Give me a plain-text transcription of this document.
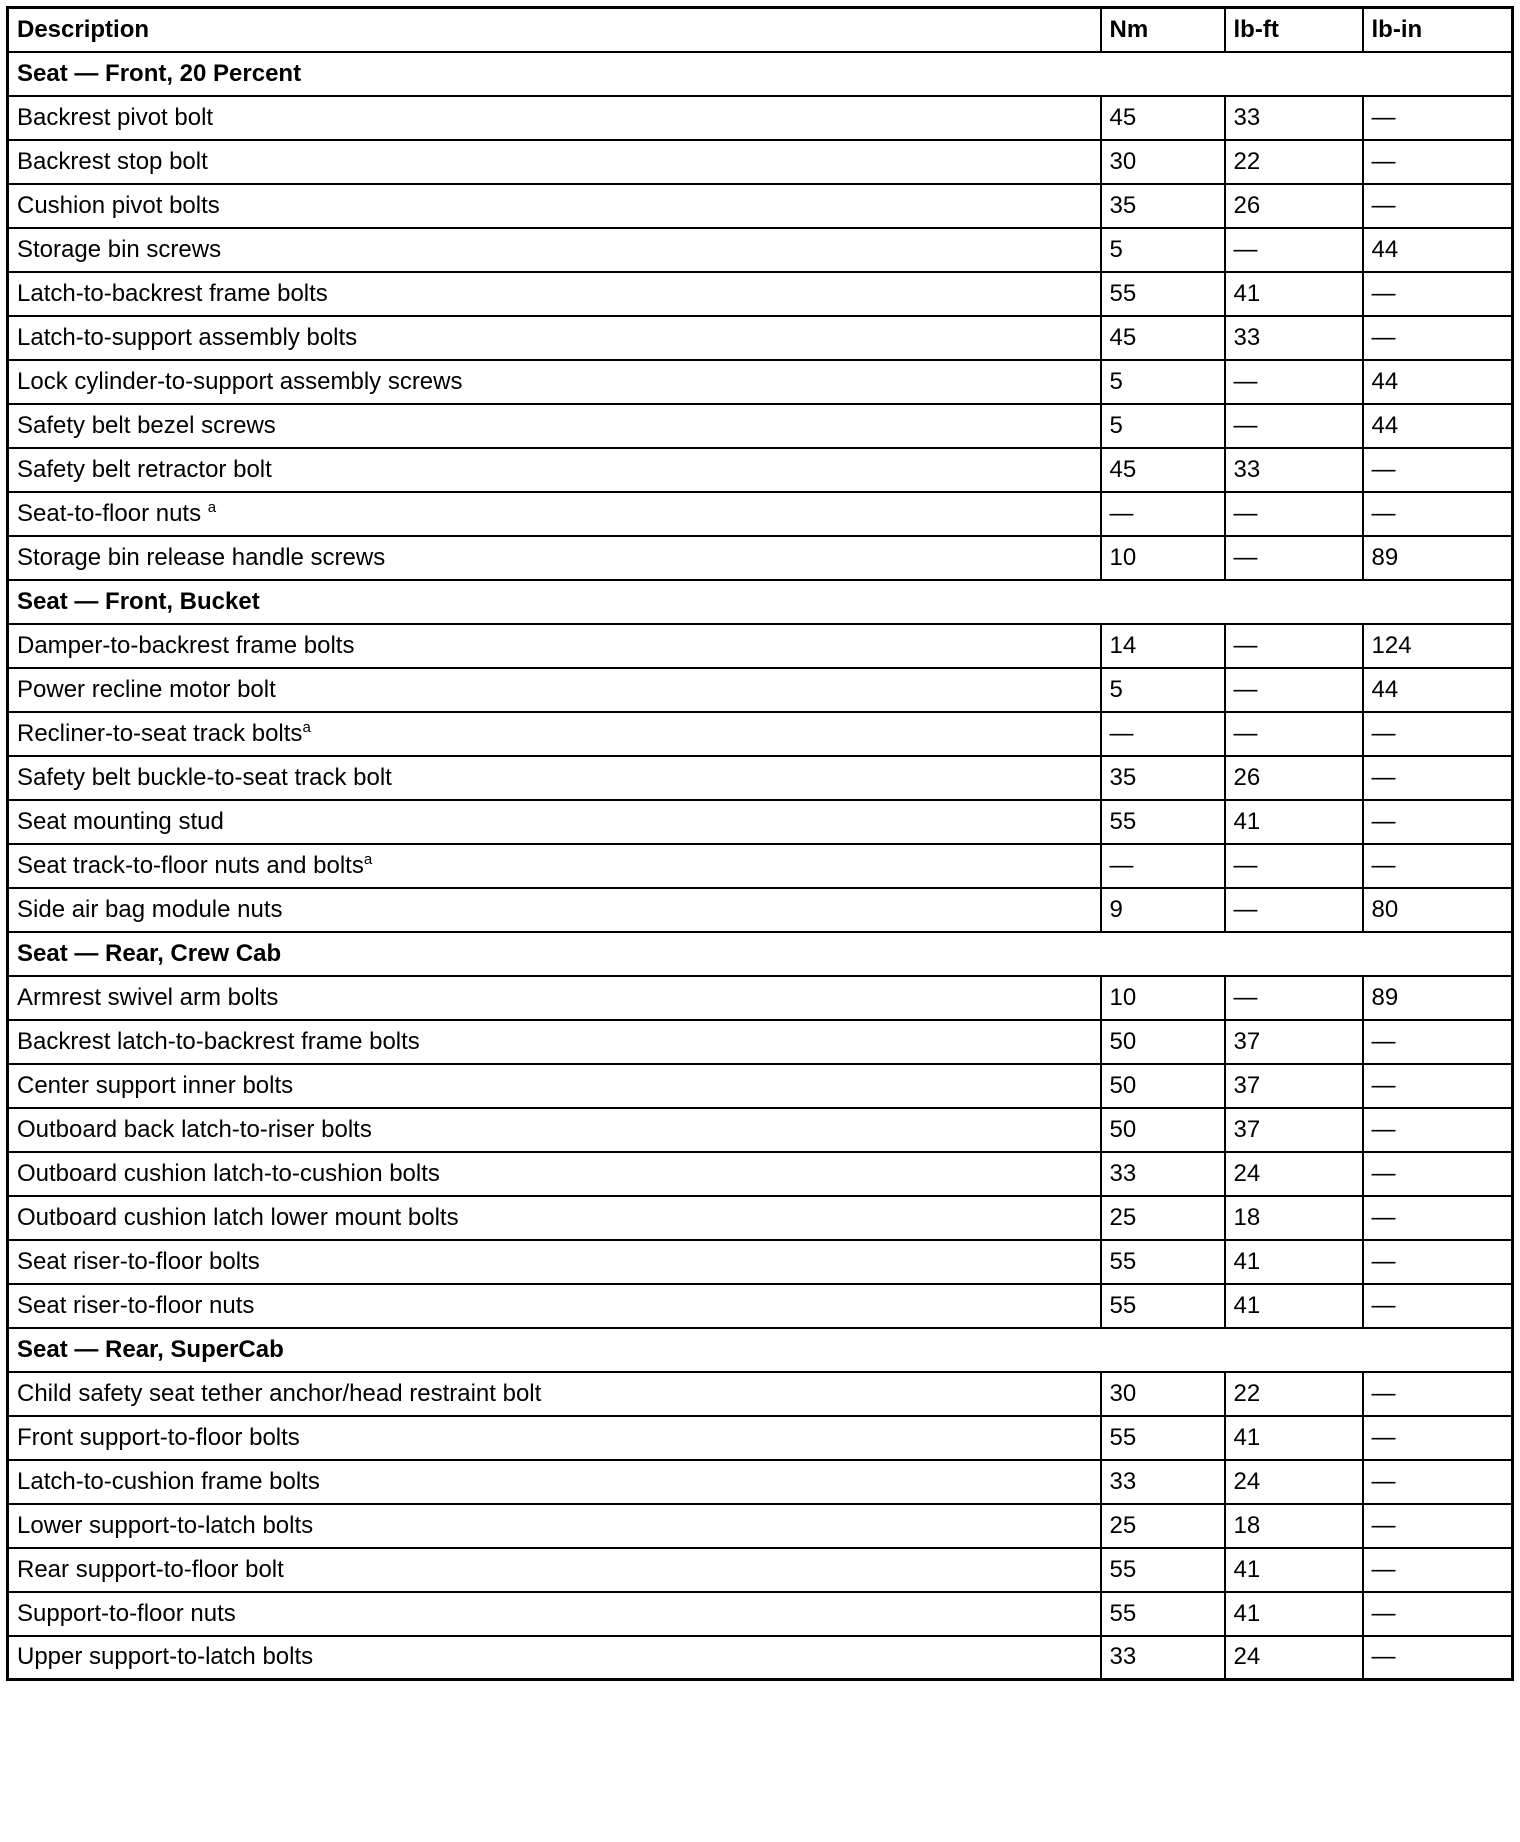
Description	Nm	lb-ft	lb-in
Seat — Front, 20 Percent			
Backrest pivot bolt	45	33	—
Backrest stop bolt	30	22	—
Cushion pivot bolts	35	26	—
Storage bin screws	5	—	44
Latch-to-backrest frame bolts	55	41	—
Latch-to-support assembly bolts	45	33	—
Lock cylinder-to-support assembly screws	5	—	44
Safety belt bezel screws	5	—	44
Safety belt retractor bolt	45	33	—
Seat-to-floor nuts $^a$	—	—	—
Storage bin release handle screws	10	—	89
Seat — Front, Bucket			
Damper-to-backrest frame bolts	14	—	124
Power recline motor bolt	5	—	44
Recliner-to-seat track bolts$^a$	—	—	—
Safety belt buckle-to-seat track bolt	35	26	—
Seat mounting stud	55	41	—
Seat track-to-floor nuts and bolts$^a$	—	—	—
Side air bag module nuts	9	—	80
Seat — Rear, Crew Cab			
Armrest swivel arm bolts	10	—	89
Backrest latch-to-backrest frame bolts	50	37	—
Center support inner bolts	50	37	—
Outboard back latch-to-riser bolts	50	37	—
Outboard cushion latch-to-cushion bolts	33	24	—
Outboard cushion latch lower mount bolts	25	18	—
Seat riser-to-floor bolts	55	41	—
Seat riser-to-floor nuts	55	41	—
Seat — Rear, SuperCab			
Child safety seat tether anchor/head restraint bolt	30	22	—
Front support-to-floor bolts	55	41	—
Latch-to-cushion frame bolts	33	24	—
Lower support-to-latch bolts	25	18	—
Rear support-to-floor bolt	55	41	—
Support-to-floor nuts	55	41	—
Upper support-to-latch bolts	33	24	—
